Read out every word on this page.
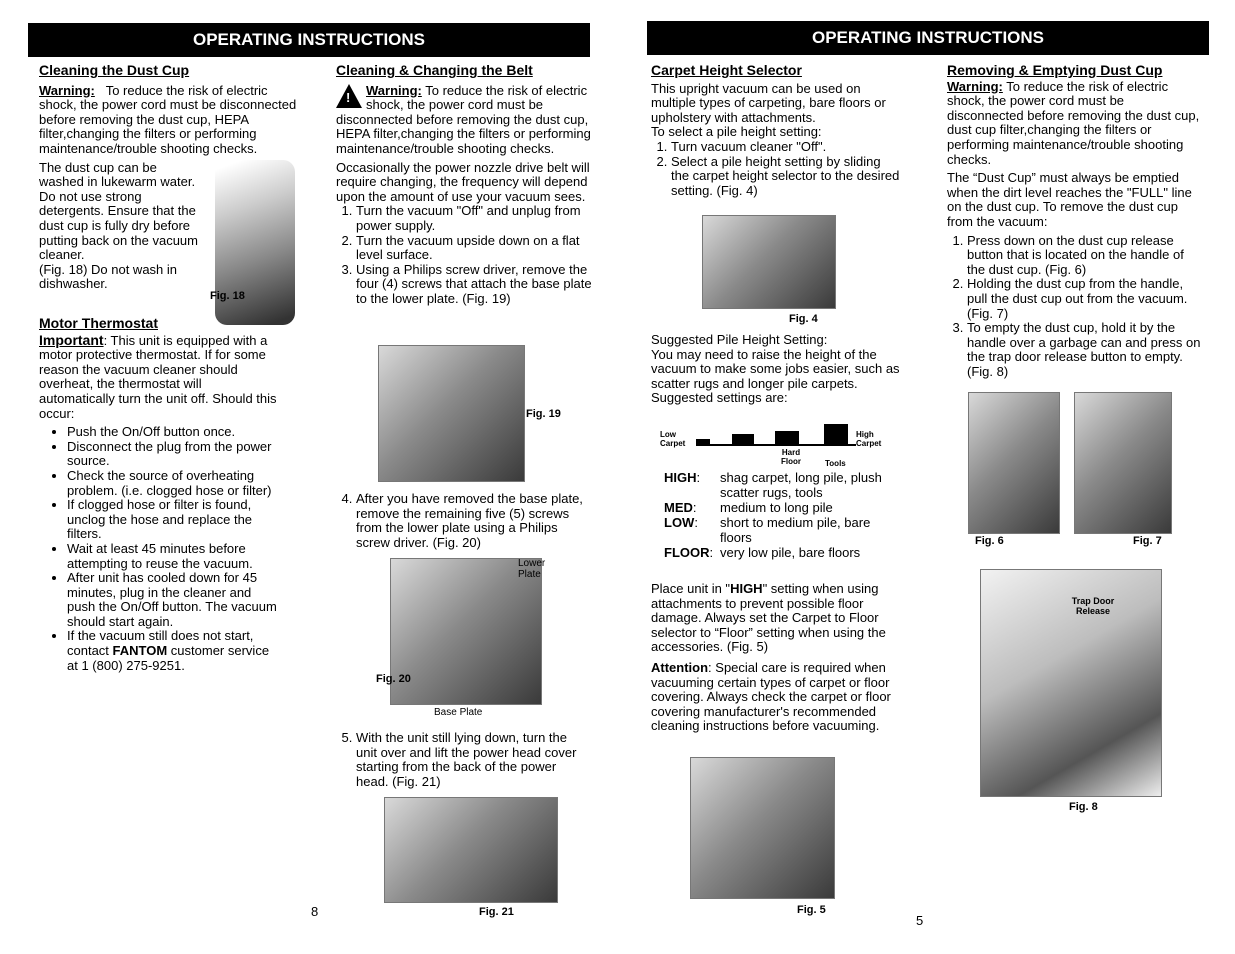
OPERATING INSTRUCTIONS
Cleaning the Dust Cup

Warning: To reduce the risk of electric shock, the power cord must be disconnected before removing the dust cup, HEPA filter,changing the filters or performing maintenance/trouble shooting checks.

The dust cup can be
washed in lukewarm water.
Do not use strong
detergents. Ensure that the
dust cup is fully dry before
putting back on the vacuum
cleaner.
(Fig. 18) Do not wash in
dishwasher.
Fig. 18
Motor Thermostat

Important: This unit is equipped with a motor protective thermostat. If for some reason the vacuum cleaner should overheat, the thermostat will automatically turn the unit off. Should this occur:

• Push the On/Off button once.
• Disconnect the plug from the power source.
• Check the source of overheating problem. (i.e. clogged hose or filter)
• If clogged hose or filter is found, unclog the hose and replace the filters.
• Wait at least 45 minutes before attempting to reuse the vacuum.
• After unit has cooled down for 45 minutes, plug in the cleaner and push the On/Off button. The vacuum should start again.
• If the vacuum still does not start, contact FANTOM customer service at 1 (800) 275-9251.
Cleaning & Changing the Belt

! Warning: To reduce the risk of electric shock, the power cord must be disconnected before removing the dust cup, HEPA filter,changing the filters or performing maintenance/trouble shooting checks.

Occasionally the power nozzle drive belt will require changing, the frequency will depend upon the amount of use your vacuum sees.

1. Turn the vacuum "Off" and unplug from power supply.
2. Turn the vacuum upside down on a flat level surface.
3. Using a Philips screw driver, remove the four (4) screws that attach the base plate to the lower plate. (Fig. 19)
Fig. 19
4. After you have removed the base plate, remove the remaining five (5) screws from the lower plate using a Philips screw driver. (Fig. 20)
Lower Plate
Fig. 20
Base Plate
5. With the unit still lying down, turn the unit over and lift the power head cover starting from the back of the power head. (Fig. 21)
Fig. 21
8
OPERATING INSTRUCTIONS
Carpet Height Selector
This upright vacuum can be used on multiple types of carpeting, bare floors or upholstery with attachments.
To select a pile height setting:
1. Turn vacuum cleaner "Off".
2. Select a pile height setting by sliding the carpet height selector to the desired setting. (Fig. 4)
Fig. 4
Suggested Pile Height Setting:
You may need to raise the height of the vacuum to make some jobs easier, such as scatter rugs and longer pile carpets. Suggested settings are:
Low Carpet
Hard Floor	Tools
High Carpet
HIGH:	shag carpet, long pile, plush scatter rugs, tools
MED:	medium to long pile
LOW:	short to medium pile, bare floors
FLOOR:	very low pile, bare floors

Place unit in "HIGH" setting when using attachments to prevent possible floor damage. Always set the Carpet to Floor selector to “Floor” setting when using the accessories. (Fig. 5)

Attention: Special care is required when vacuuming certain types of carpet or floor covering. Always check the carpet or floor covering manufacturer's recommended cleaning instructions before vacuuming.

Fig. 5
5
Removing & Emptying Dust Cup

Warning: To reduce the risk of electric shock, the power cord must be disconnected before removing the dust cup, dust cup filter,changing the filters or performing maintenance/trouble shooting checks.

The “Dust Cup” must always be emptied when the dirt level reaches the "FULL" line on the dust cup. To remove the dust cup from the vacuum:

1. Press down on the dust cup release button that is located on the handle of the dust cup. (Fig. 6)
2. Holding the dust cup from the handle, pull the dust cup out from the vacuum. (Fig. 7)
3. To empty the dust cup, hold it by the handle over a garbage can and press on the trap door release button to empty. (Fig. 8)
Fig. 6	Fig. 7
Trap Door Release
Fig. 8
